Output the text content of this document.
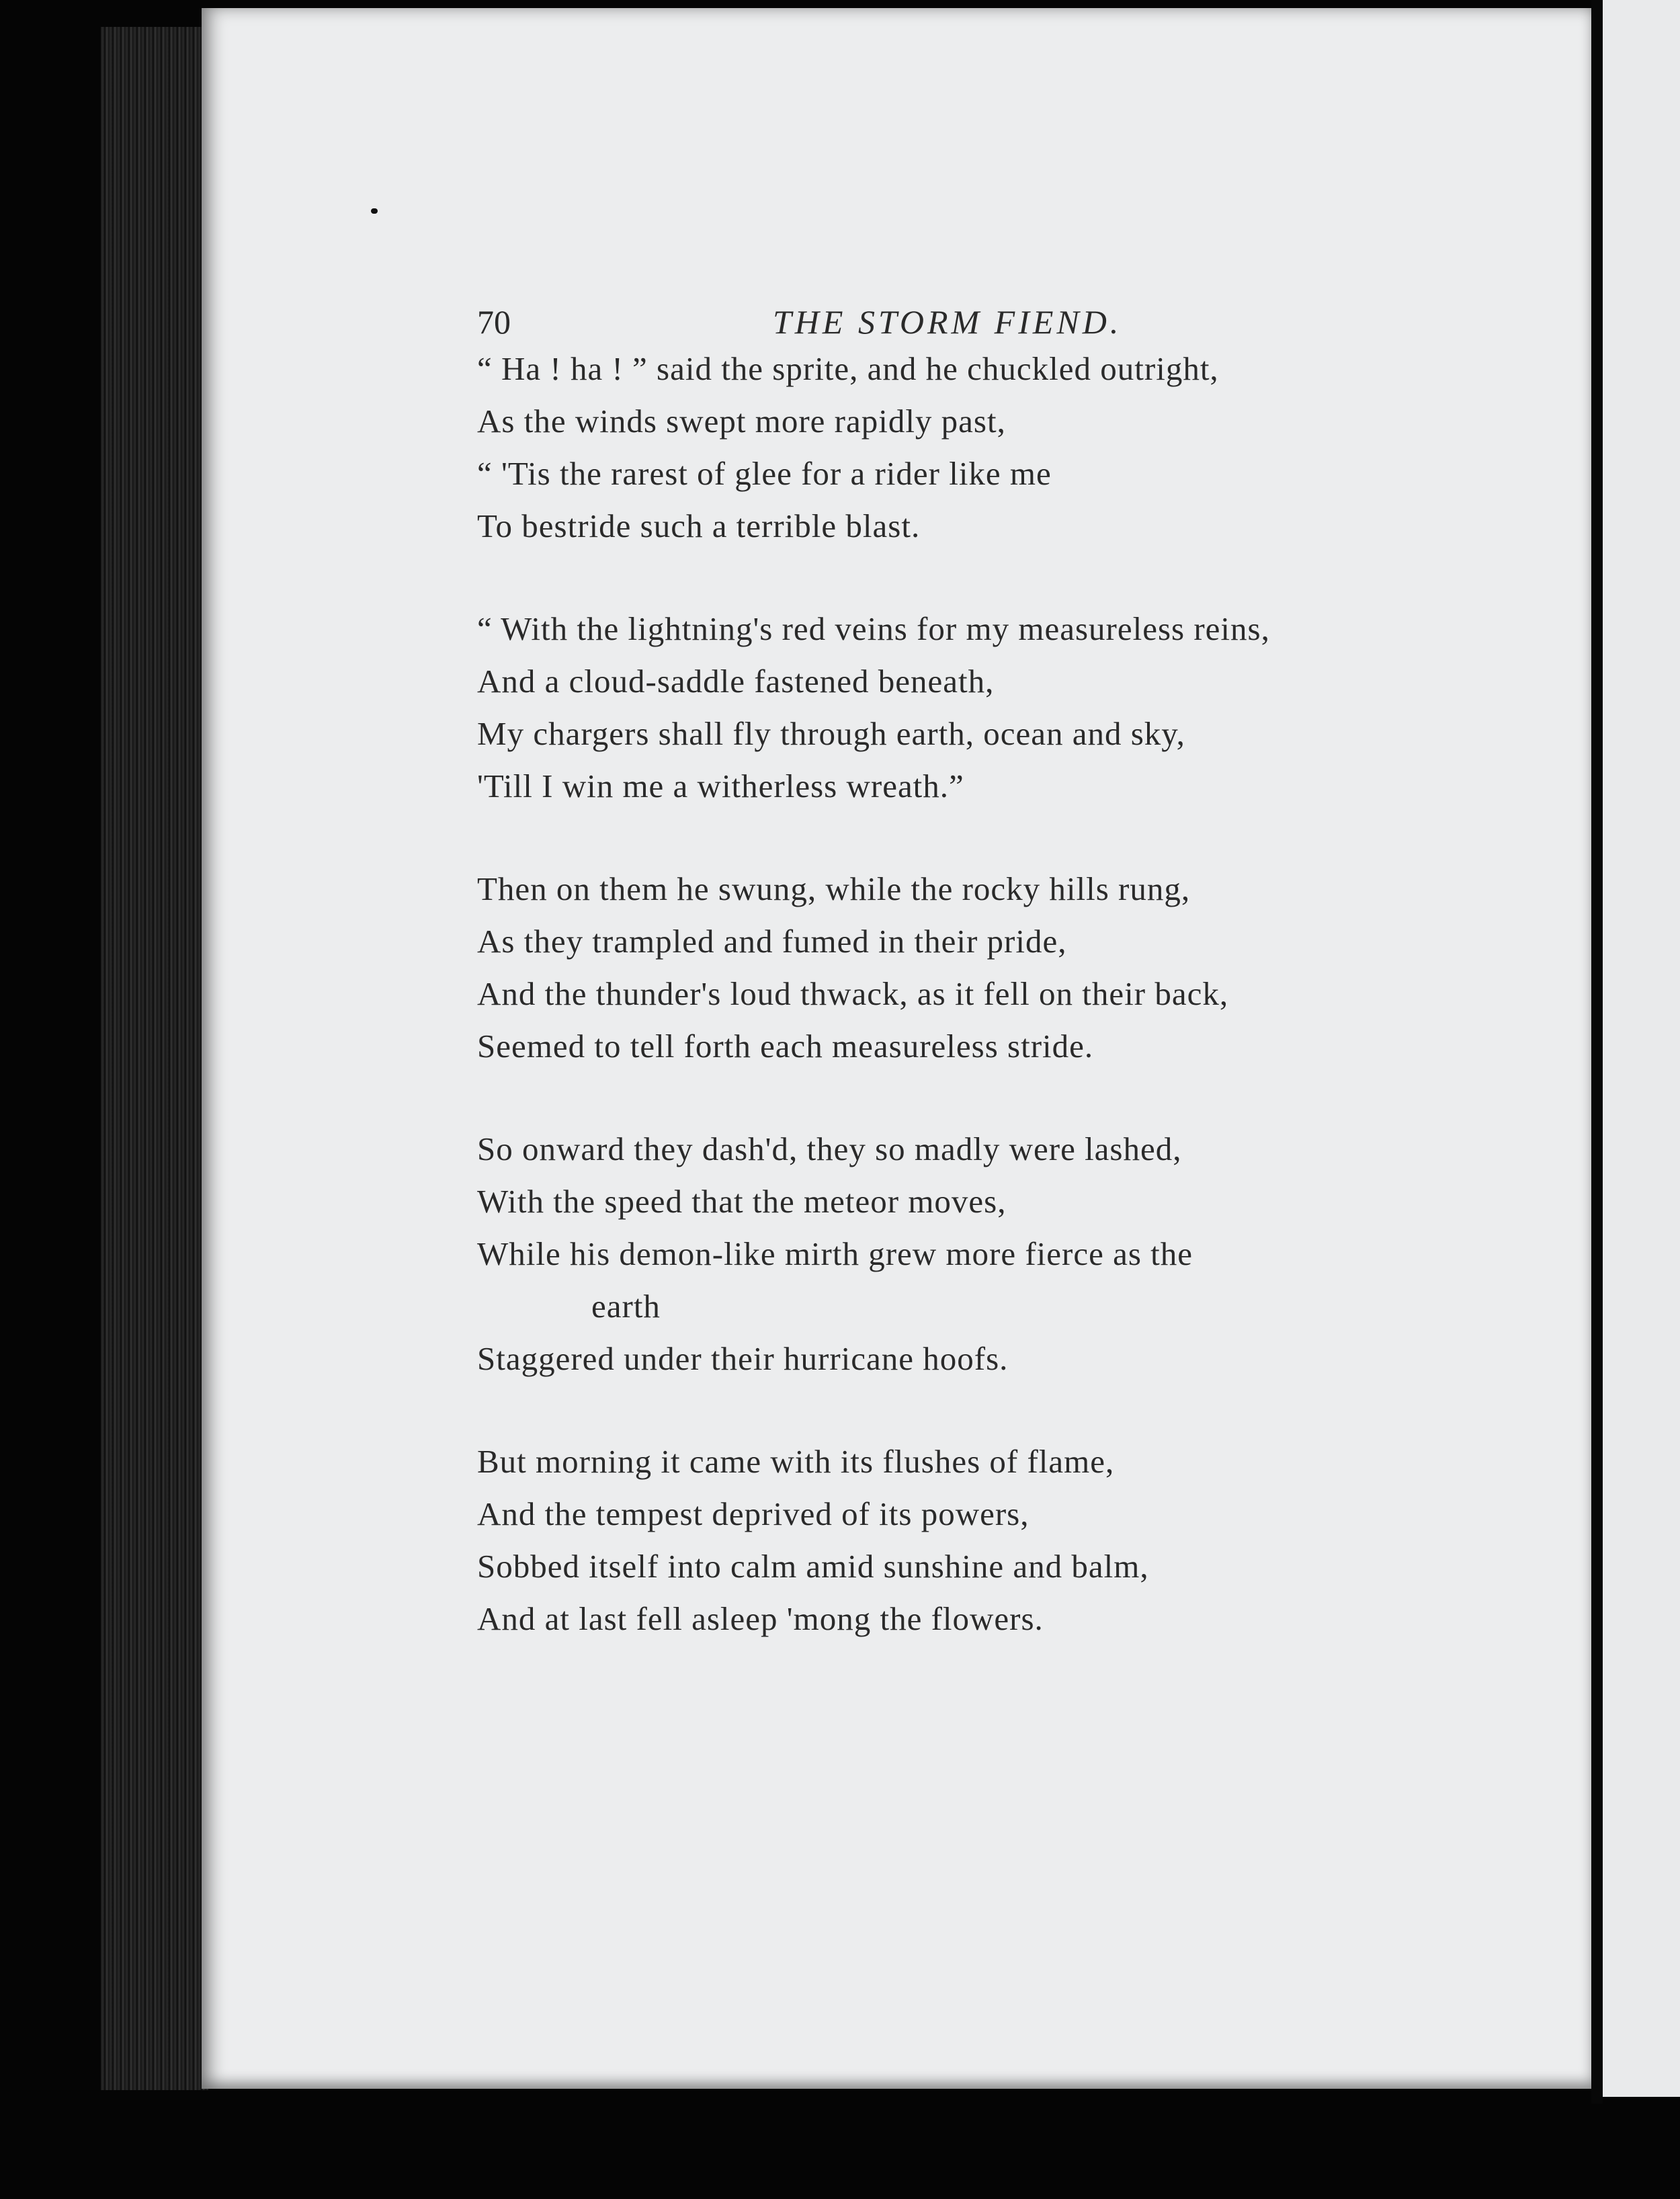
70	THE STORM FIEND.
“ Ha ! ha ! ” said the sprite, and he chuckled outright,
As the winds swept more rapidly past,
“ 'Tis the rarest of glee for a rider like me
To bestride such a terrible blast.
“ With the lightning's red veins for my measureless reins,
And a cloud-saddle fastened beneath,
My chargers shall fly through earth, ocean and sky,
'Till I win me a witherless wreath.”
Then on them he swung, while the rocky hills rung,
As they trampled and fumed in their pride,
And the thunder's loud thwack, as it fell on their back,
Seemed to tell forth each measureless stride.
So onward they dash'd, they so madly were lashed,
With the speed that the meteor moves,
While his demon-like mirth grew more fierce as the
earth
Staggered under their hurricane hoofs.
But morning it came with its flushes of flame,
And the tempest deprived of its powers,
Sobbed itself into calm amid sunshine and balm,
And at last fell asleep 'mong the flowers.
